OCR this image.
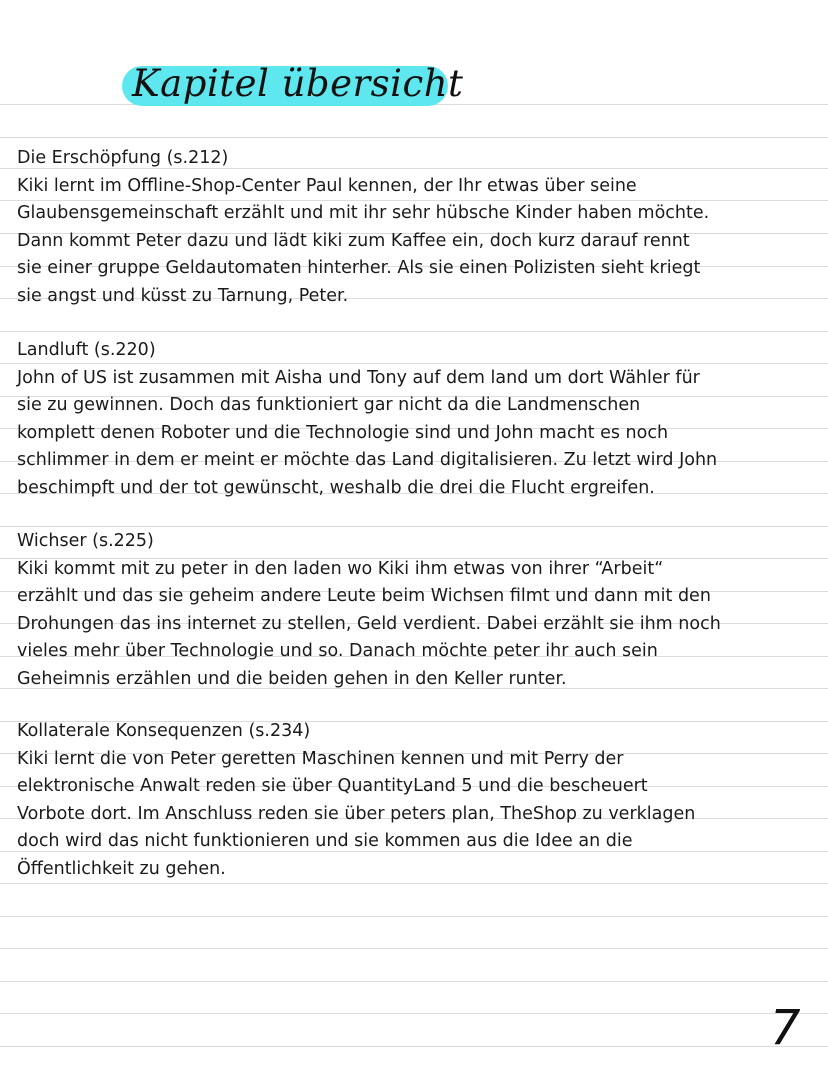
Kapitel übersicht
Die Erschöpfung (s.212)
Kiki lernt im Offline-Shop-Center Paul kennen, der Ihr etwas über seine
Glaubensgemeinschaft erzählt und mit ihr sehr hübsche Kinder haben möchte.
Dann kommt Peter dazu und lädt kiki zum Kaffee ein, doch kurz darauf rennt
sie einer gruppe Geldautomaten hinterher. Als sie einen Polizisten sieht kriegt
sie angst und küsst zu Tarnung, Peter.
Landluft (s.220)
John of US ist zusammen mit Aisha und Tony auf dem land um dort Wähler für
sie zu gewinnen. Doch das funktioniert gar nicht da die Landmenschen
komplett denen Roboter und die Technologie sind und John macht es noch
schlimmer in dem er meint er möchte das Land digitalisieren. Zu letzt wird John
beschimpft und der tot gewünscht, weshalb die drei die Flucht ergreifen.
Wichser (s.225)
Kiki kommt mit zu peter in den laden wo Kiki ihm etwas von ihrer “Arbeit“
erzählt und das sie geheim andere Leute beim Wichsen filmt und dann mit den
Drohungen das ins internet zu stellen, Geld verdient. Dabei erzählt sie ihm noch
vieles mehr über Technologie und so. Danach möchte peter ihr auch sein
Geheimnis erzählen und die beiden gehen in den Keller runter.
Kollaterale Konsequenzen (s.234)
Kiki lernt die von Peter geretten Maschinen kennen und mit Perry der
elektronische Anwalt reden sie über QuantityLand 5 und die bescheuert
Vorbote dort. Im Anschluss reden sie über peters plan, TheShop zu verklagen
doch wird das nicht funktionieren und sie kommen aus die Idee an die
Öffentlichkeit zu gehen.
7
